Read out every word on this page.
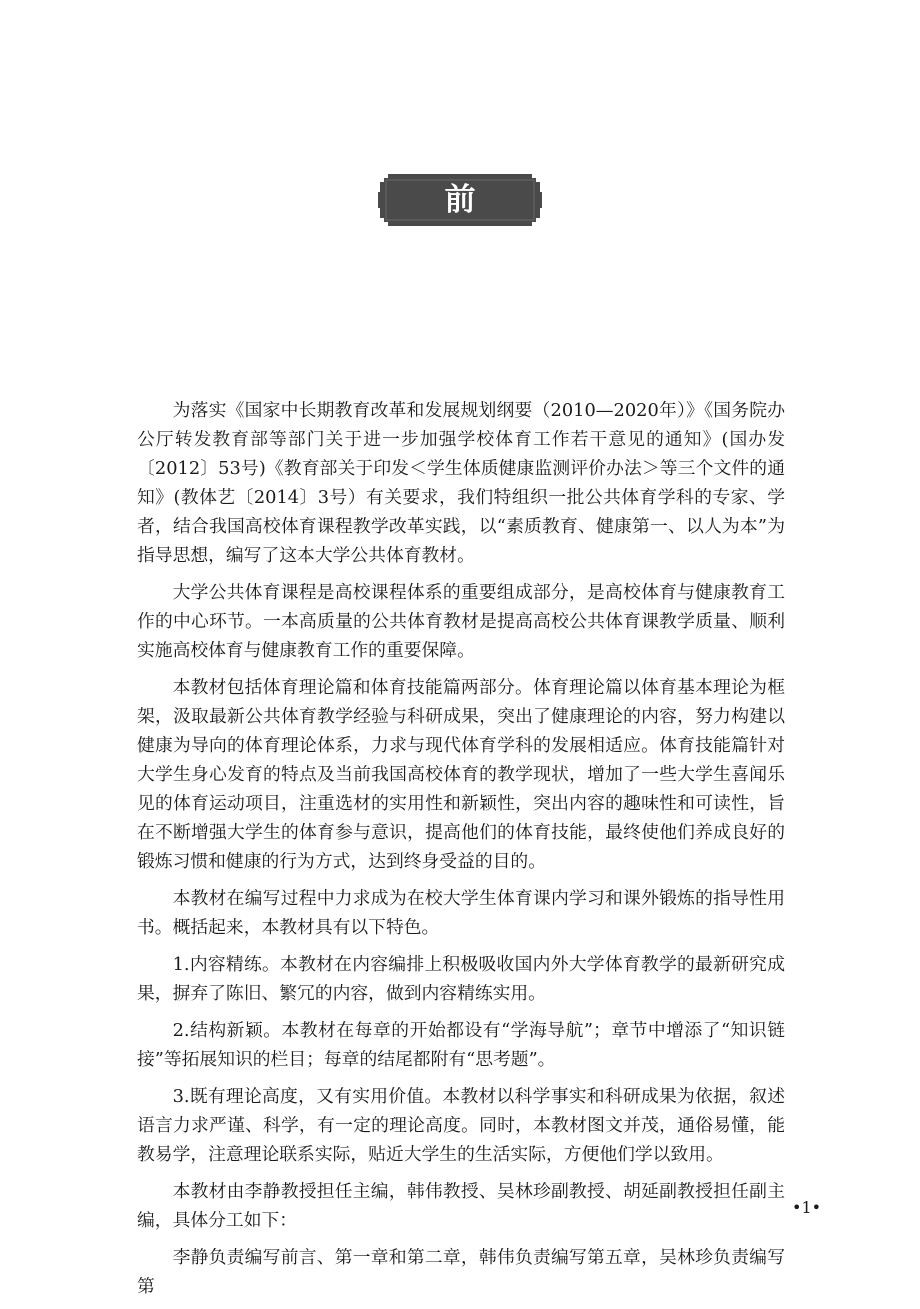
前 言

为落实《国家中长期教育改革和发展规划纲要（2010—2020年）》《国务院办公厅转发教育部等部门关于进一步加强学校体育工作若干意见的通知》(国办发〔2012〕53号)《教育部关于印发＜学生体质健康监测评价办法＞等三个文件的通知》(教体艺〔2014〕3号）有关要求，我们特组织一批公共体育学科的专家、学者，结合我国高校体育课程教学改革实践，以“素质教育、健康第一、以人为本”为指导思想，编写了这本大学公共体育教材。

大学公共体育课程是高校课程体系的重要组成部分，是高校体育与健康教育工作的中心环节。一本高质量的公共体育教材是提高高校公共体育课教学质量、顺利实施高校体育与健康教育工作的重要保障。

本教材包括体育理论篇和体育技能篇两部分。体育理论篇以体育基本理论为框架，汲取最新公共体育教学经验与科研成果，突出了健康理论的内容，努力构建以健康为导向的体育理论体系，力求与现代体育学科的发展相适应。体育技能篇针对大学生身心发育的特点及当前我国高校体育的教学现状，增加了一些大学生喜闻乐见的体育运动项目，注重选材的实用性和新颖性，突出内容的趣味性和可读性，旨在不断增强大学生的体育参与意识，提高他们的体育技能，最终使他们养成良好的锻炼习惯和健康的行为方式，达到终身受益的目的。

本教材在编写过程中力求成为在校大学生体育课内学习和课外锻炼的指导性用书。概括起来，本教材具有以下特色。

1.内容精练。本教材在内容编排上积极吸收国内外大学体育教学的最新研究成果，摒弃了陈旧、繁冗的内容，做到内容精练实用。

2.结构新颖。本教材在每章的开始都设有“学海导航”；章节中增添了“知识链接”等拓展知识的栏目；每章的结尾都附有“思考题”。

3.既有理论高度，又有实用价值。本教材以科学事实和科研成果为依据，叙述语言力求严谨、科学，有一定的理论高度。同时，本教材图文并茂，通俗易懂，能教易学，注意理论联系实际，贴近大学生的生活实际，方便他们学以致用。

本教材由李静教授担任主编，韩伟教授、吴林珍副教授、胡延副教授担任副主编，具体分工如下：

李静负责编写前言、第一章和第二章，韩伟负责编写第五章，吴林珍负责编写第

•1•
